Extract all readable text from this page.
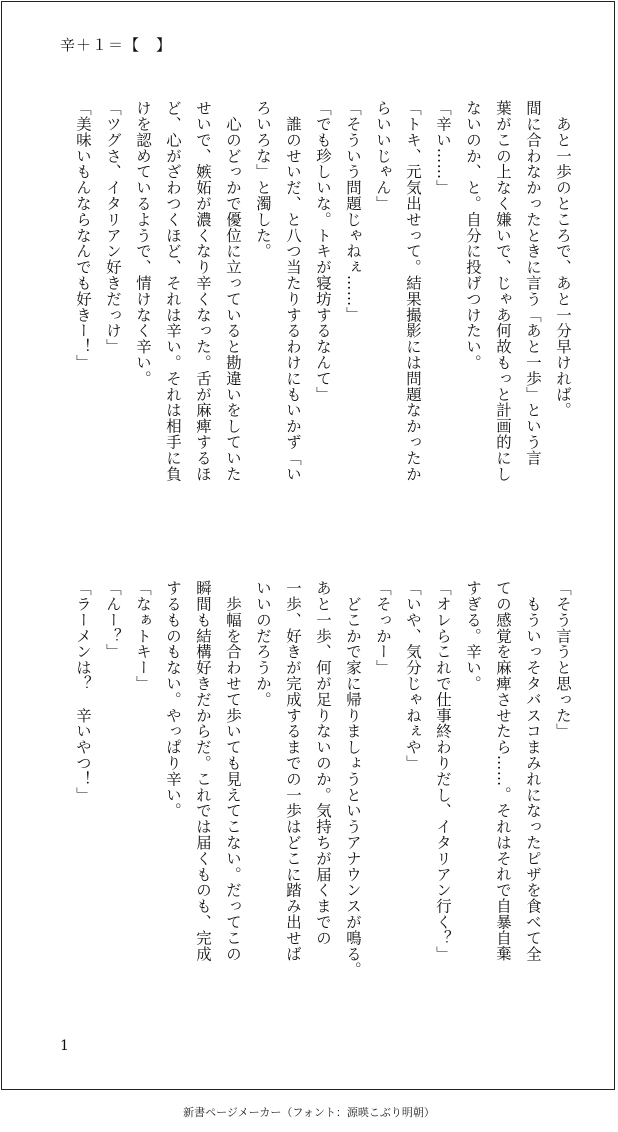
辛＋１＝【　】

　あと一歩のところで、あと一分早ければ。

間に合わなかったときに言う「あと一歩」という言

葉がこの上なく嫌いで、じゃあ何故もっと計画的にし

ないのか、と。自分に投げつけたい。

「辛い……」

「トキ、元気出せって。結果撮影には問題なかったか

らいいじゃん」

「そういう問題じゃねぇ……」

「でも珍しいな。トキが寝坊するなんて」

　誰のせいだ、と八つ当たりするわけにもいかず「い

ろいろな」と濁した。

　心のどっかで優位に立っていると勘違いをしていた

せいで、嫉妬が濃くなり辛くなった。舌が麻痺するほ

ど、心がざわつくほど、それは辛い。それは相手に負

けを認めているようで、情けなく辛い。

「ツグさ、イタリアン好きだっけ」

「美味いもんならなんでも好きー！」

「そう言うと思った」

　もういっそタバスコまみれになったピザを食べて全

ての感覚を麻痺させたら……。それはそれで自暴自棄

すぎる。辛い。

「オレらこれで仕事終わりだし、イタリアン行く？」

「いや、気分じゃねぇや」

「そっかー」

　どこかで家に帰りましょうというアナウンスが鳴る。

あと一歩、何が足りないのか。気持ちが届くまでの

一歩、好きが完成するまでの一歩はどこに踏み出せば

いいのだろうか。

　歩幅を合わせて歩いても見えてこない。だってこの

瞬間も結構好きだからだ。これでは届くものも、完成

するものもない。やっぱり辛い。

「なぁトキー」

「んー？」

「ラーメンは？　辛いやつ！」

1
新書ページメーカー（フォント：源暎こぶり明朝）
